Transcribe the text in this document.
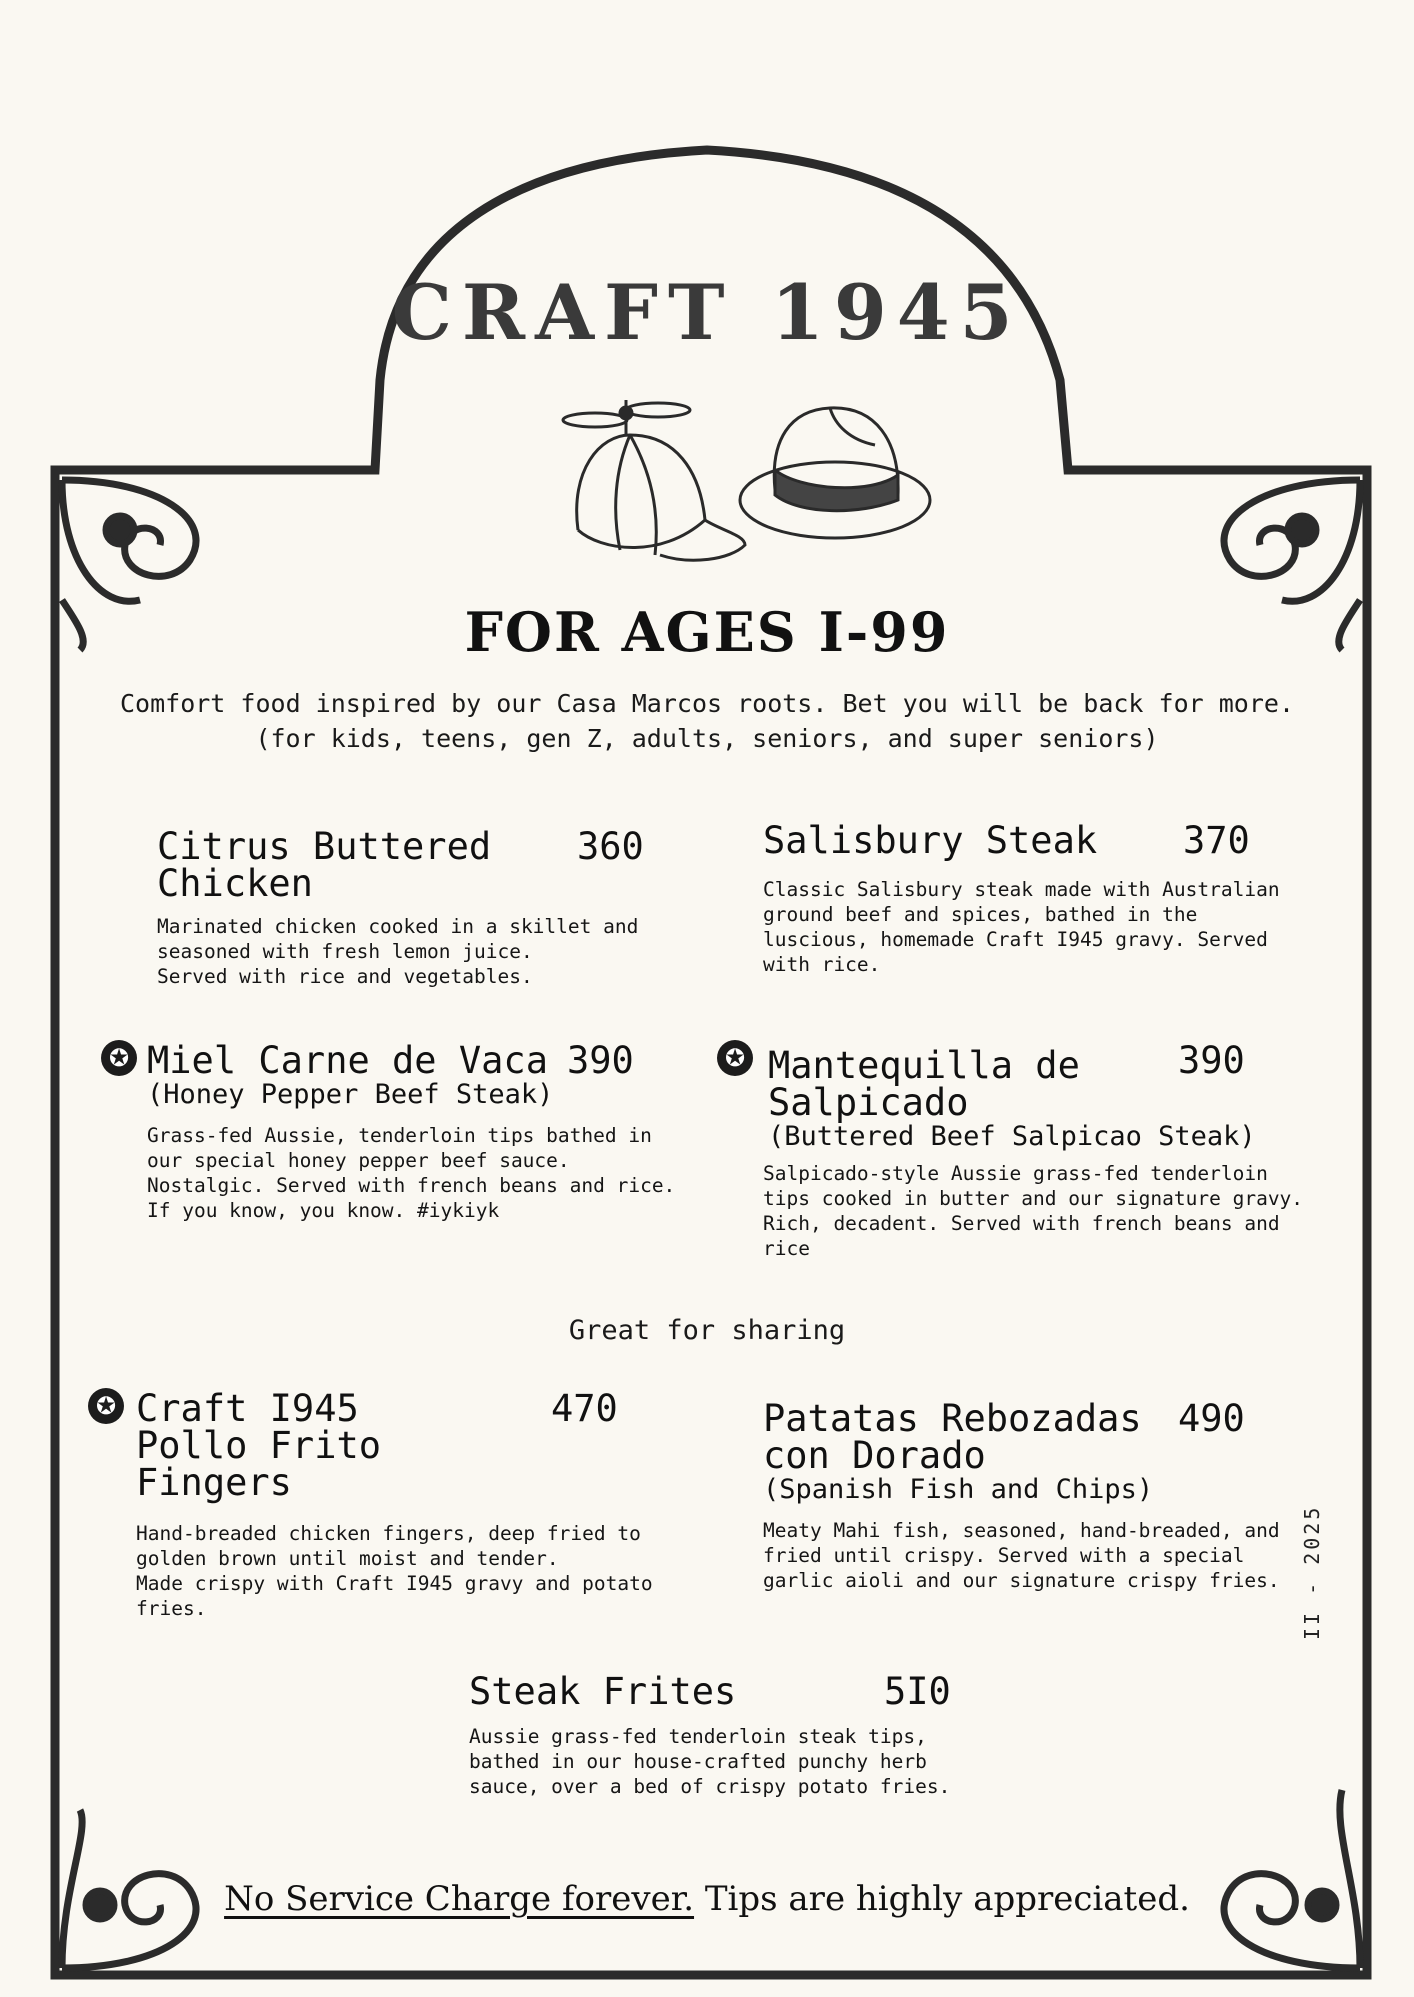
CRAFT 1945
FOR AGES I-99
Comfort food inspired by our Casa Marcos roots. Bet you will be back for more.
(for kids, teens, gen Z, adults, seniors, and super seniors)
Citrus Buttered
Chicken
360
Marinated chicken cooked in a skillet and
seasoned with fresh lemon juice.
Served with rice and vegetables.
Salisbury Steak	370
Classic Salisbury steak made with Australian
ground beef and spices, bathed in the
luscious, homemade Craft I945 gravy. Served
with rice.
✪ Miel Carne de Vaca
(Honey Pepper Beef Steak)
390
Grass-fed Aussie, tenderloin tips bathed in
our special honey pepper beef sauce.
Nostalgic. Served with french beans and rice.
If you know, you know. #iykiyk
✪ Mantequilla de
Salpicado
(Buttered Beef Salpicao Steak)
390
Salpicado-style Aussie grass-fed tenderloin
tips cooked in butter and our signature gravy.
Rich, decadent. Served with french beans and
rice
Great for sharing
✪ Craft I945
Pollo Frito
Fingers
470
Hand-breaded chicken fingers, deep fried to
golden brown until moist and tender.
Made crispy with Craft I945 gravy and potato
fries.
Patatas Rebozadas
con Dorado
(Spanish Fish and Chips)
490
Meaty Mahi fish, seasoned, hand-breaded, and
fried until crispy. Served with a special
garlic aioli and our signature crispy fries.
Steak Frites	5I0
Aussie grass-fed tenderloin steak tips,
bathed in our house-crafted punchy herb
sauce, over a bed of crispy potato fries.
No Service Charge forever. Tips are highly appreciated.
II - 2025
